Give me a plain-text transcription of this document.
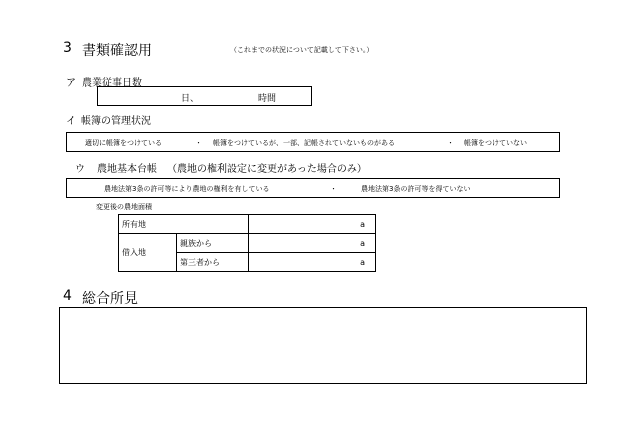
3 書類確認用	（これまでの状況について記載して下さい。）
ア 農業従事日数
日、	時間
イ 帳簿の管理状況
適切に帳簿をつけている	・ 帳簿をつけているが、一部、記帳されていないものがある	・ 帳簿をつけていない
ウ 農地基本台帳 （農地の権利設定に変更があった場合のみ）
農地法第3条の許可等により農地の権利を有している	・	農地法第3条の許可等を得ていない
変更後の農地面積
所有地		a
借入地	親族から	a
	第三者から	a
4 総合所見
